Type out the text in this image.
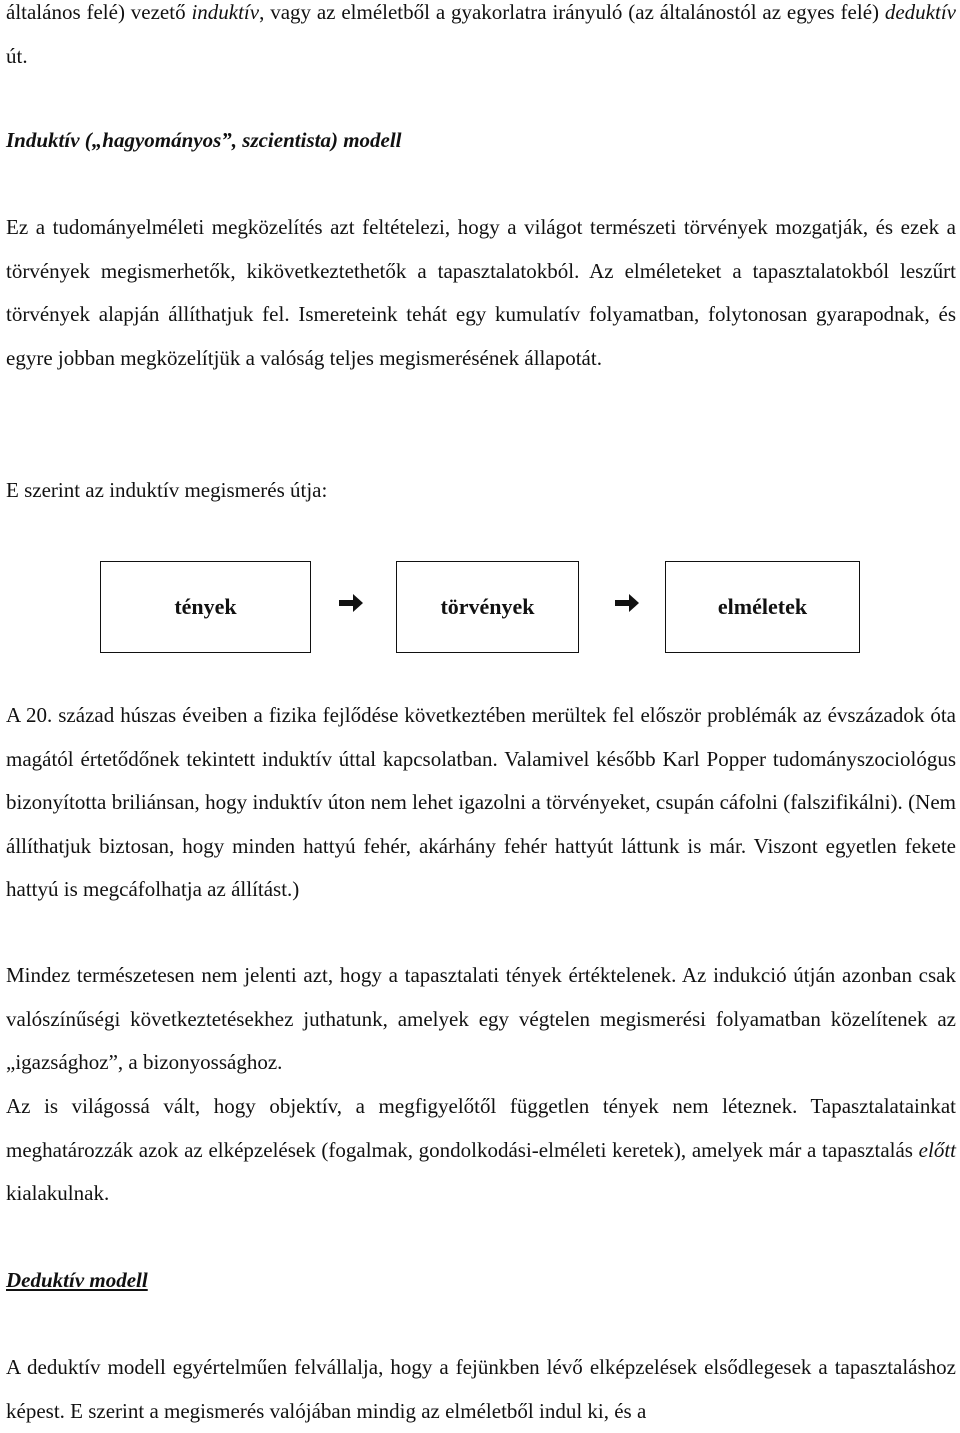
általános felé) vezető induktív, vagy az elméletből a gyakorlatra irányuló (az általánostól az egyes felé) deduktív út.

Induktív („hagyományos”, szcientista) modell

Ez a tudományelméleti megközelítés azt feltételezi, hogy a világot természeti törvények mozgatják, és ezek a törvények megismerhetők, kikövetkeztethetők a tapasztalatokból. Az elméleteket a tapasztalatokból leszűrt törvények alapján állíthatjuk fel. Ismereteink tehát egy kumulatív folyamatban, folytonosan gyarapodnak, és egyre jobban megközelítjük a valóság teljes megismerésének állapotát.

E szerint az induktív megismerés útja:

tények	törvények	elméletek

A 20. század húszas éveiben a fizika fejlődése következtében merültek fel először problémák az évszázadok óta magától értetődőnek tekintett induktív úttal kapcsolatban. Valamivel később Karl Popper tudományszociológus bizonyította briliánsan, hogy induktív úton nem lehet igazolni a törvényeket, csupán cáfolni (falszifikálni). (Nem állíthatjuk biztosan, hogy minden hattyú fehér, akárhány fehér hattyút láttunk is már. Viszont egyetlen fekete hattyú is megcáfolhatja az állítást.)

Mindez természetesen nem jelenti azt, hogy a tapasztalati tények értéktelenek. Az indukció útján azonban csak valószínűségi következtetésekhez juthatunk, amelyek egy végtelen megismerési folyamatban közelítenek az „igazsághoz”, a bizonyossághoz.

Az is világossá vált, hogy objektív, a megfigyelőtől független tények nem léteznek. Tapasztalatainkat meghatározzák azok az elképzelések (fogalmak, gondolkodási-elméleti keretek), amelyek már a tapasztalás előtt kialakulnak.

Deduktív modell

A deduktív modell egyértelműen felvállalja, hogy a fejünkben lévő elképzelések elsődlegesek a tapasztaláshoz képest. E szerint a megismerés valójában mindig az elméletből indul ki, és a
